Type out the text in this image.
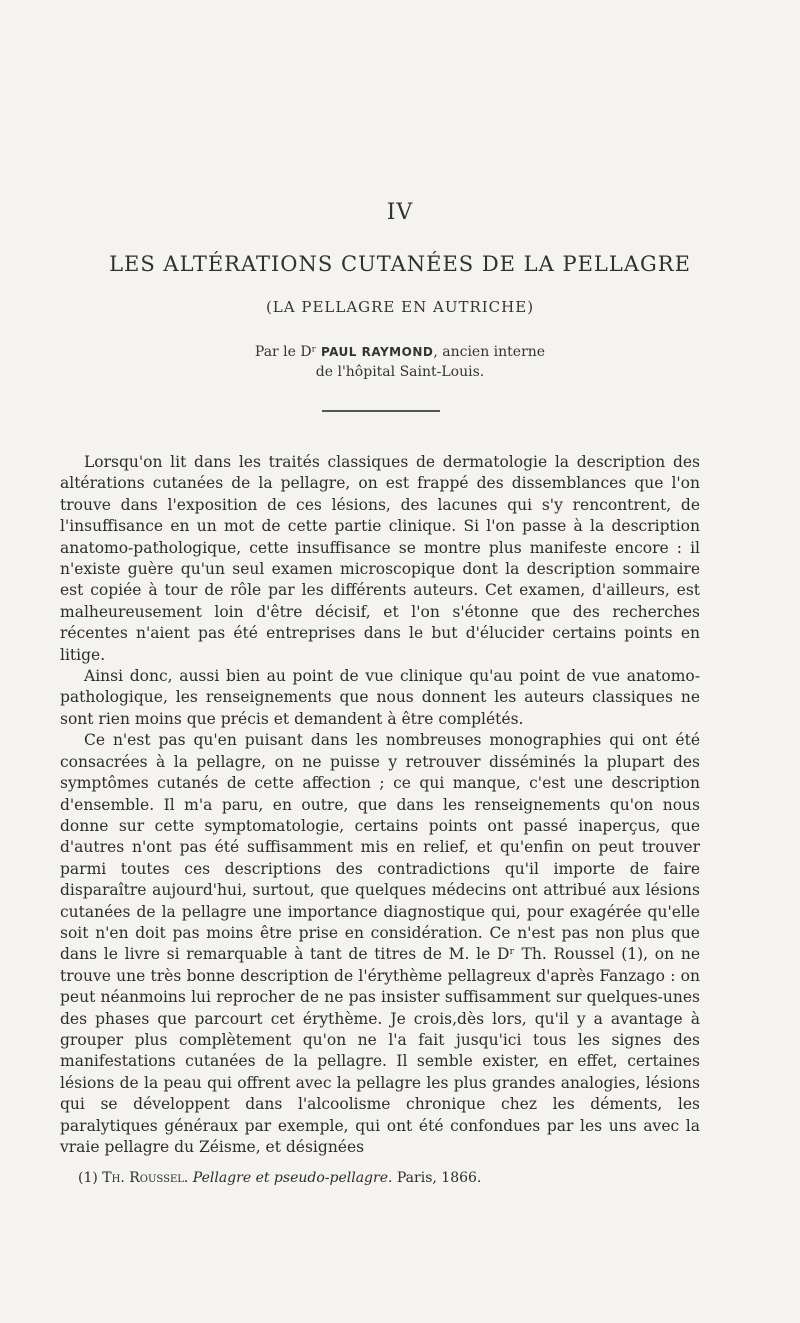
IV
LES ALTÉRATIONS CUTANÉES DE LA PELLAGRE
(LA PELLAGRE EN AUTRICHE)
Par le Dʳ PAUL RAYMOND, ancien interne
de l'hôpital Saint-Louis.

Lorsqu'on lit dans les traités classiques de dermatologie la description des altérations cutanées de la pellagre, on est frappé des dissemblances que l'on trouve dans l'exposition de ces lésions, des lacunes qui s'y rencontrent, de l'insuffisance en un mot de cette partie clinique. Si l'on passe à la description anatomo-pathologique, cette insuffisance se montre plus manifeste encore : il n'existe guère qu'un seul examen microscopique dont la description sommaire est copiée à tour de rôle par les différents auteurs. Cet examen, d'ailleurs, est malheureusement loin d'être décisif, et l'on s'étonne que des recherches récentes n'aient pas été entreprises dans le but d'élucider certains points en litige.

Ainsi donc, aussi bien au point de vue clinique qu'au point de vue anatomo-pathologique, les renseignements que nous donnent les auteurs classiques ne sont rien moins que précis et demandent à être complétés.

Ce n'est pas qu'en puisant dans les nombreuses monographies qui ont été consacrées à la pellagre, on ne puisse y retrouver disséminés la plupart des symptômes cutanés de cette affection ; ce qui manque, c'est une description d'ensemble. Il m'a paru, en outre, que dans les renseignements qu'on nous donne sur cette symptomatologie, certains points ont passé inaperçus, que d'autres n'ont pas été suffisamment mis en relief, et qu'enfin on peut trouver parmi toutes ces descriptions des contradictions qu'il importe de faire disparaître aujourd'hui, surtout, que quelques médecins ont attribué aux lésions cutanées de la pellagre une importance diagnostique qui, pour exagérée qu'elle soit n'en doit pas moins être prise en considération. Ce n'est pas non plus que dans le livre si remarquable à tant de titres de M. le Dʳ Th. Roussel (1), on ne trouve une très bonne description de l'érythème pellagreux d'après Fanzago : on peut néanmoins lui reprocher de ne pas insister suffisamment sur quelques-unes des phases que parcourt cet érythème. Je crois,dès lors, qu'il y a avantage à grouper plus complètement qu'on ne l'a fait jusqu'ici tous les signes des manifestations cutanées de la pellagre. Il semble exister, en effet, certaines lésions de la peau qui offrent avec la pellagre les plus grandes analogies, lésions qui se développent dans l'alcoolisme chronique chez les déments, les paralytiques généraux par exemple, qui ont été confondues par les uns avec la vraie pellagre du Zéisme, et désignées

(1) Th. Roussel. Pellagre et pseudo-pellagre. Paris, 1866.
